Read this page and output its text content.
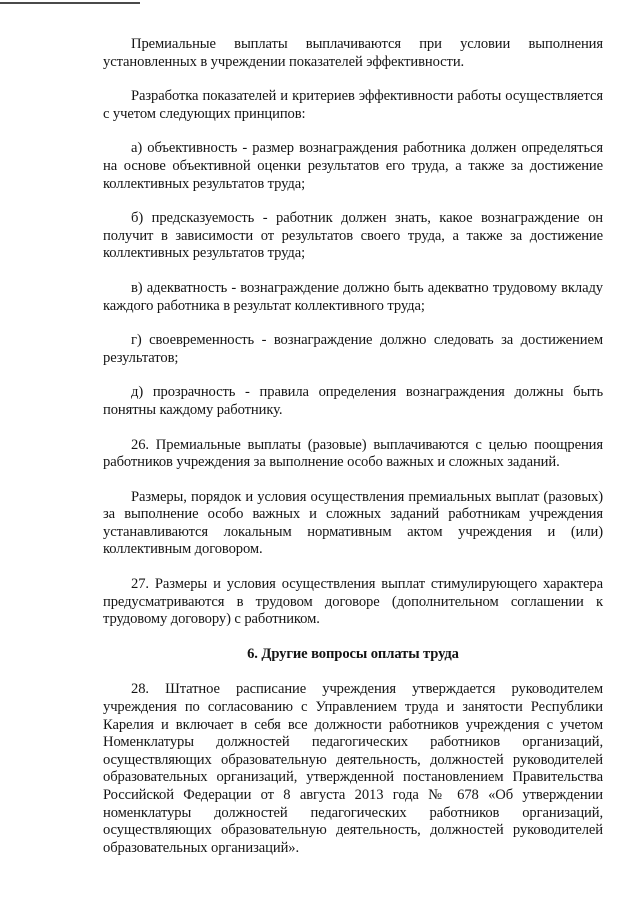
Премиальные выплаты выплачиваются при условии выполнения установленных в учреждении показателей эффективности.

Разработка показателей и критериев эффективности работы осуществляется с учетом следующих принципов:

а) объективность - размер вознаграждения работника должен определяться на основе объективной оценки результатов его труда, а также за достижение коллективных результатов труда;

б) предсказуемость - работник должен знать, какое вознаграждение он получит в зависимости от результатов своего труда, а также за достижение коллективных результатов труда;

в) адекватность - вознаграждение должно быть адекватно трудовому вкладу каждого работника в результат коллективного труда;

г) своевременность - вознаграждение должно следовать за достижением результатов;

д) прозрачность - правила определения вознаграждения должны быть понятны каждому работнику.

26. Премиальные выплаты (разовые) выплачиваются с целью поощрения работников учреждения за выполнение особо важных и сложных заданий.

Размеры, порядок и условия осуществления премиальных выплат (разовых) за выполнение особо важных и сложных заданий работникам учреждения устанавливаются локальным нормативным актом учреждения и (или) коллективным договором.

27. Размеры и условия осуществления выплат стимулирующего характера предусматриваются в трудовом договоре (дополнительном соглашении к трудовому договору) с работником.

6. Другие вопросы оплаты труда

28. Штатное расписание учреждения утверждается руководителем учреждения по согласованию с Управлением труда и занятости Республики Карелия и включает в себя все должности работников учреждения с учетом Номенклатуры должностей педагогических работников организаций, осуществляющих образовательную деятельность, должностей руководителей образовательных организаций, утвержденной постановлением Правительства Российской Федерации от 8 августа 2013 года № 678 «Об утверждении номенклатуры должностей педагогических работников организаций, осуществляющих образовательную деятельность, должностей руководителей образовательных организаций».
